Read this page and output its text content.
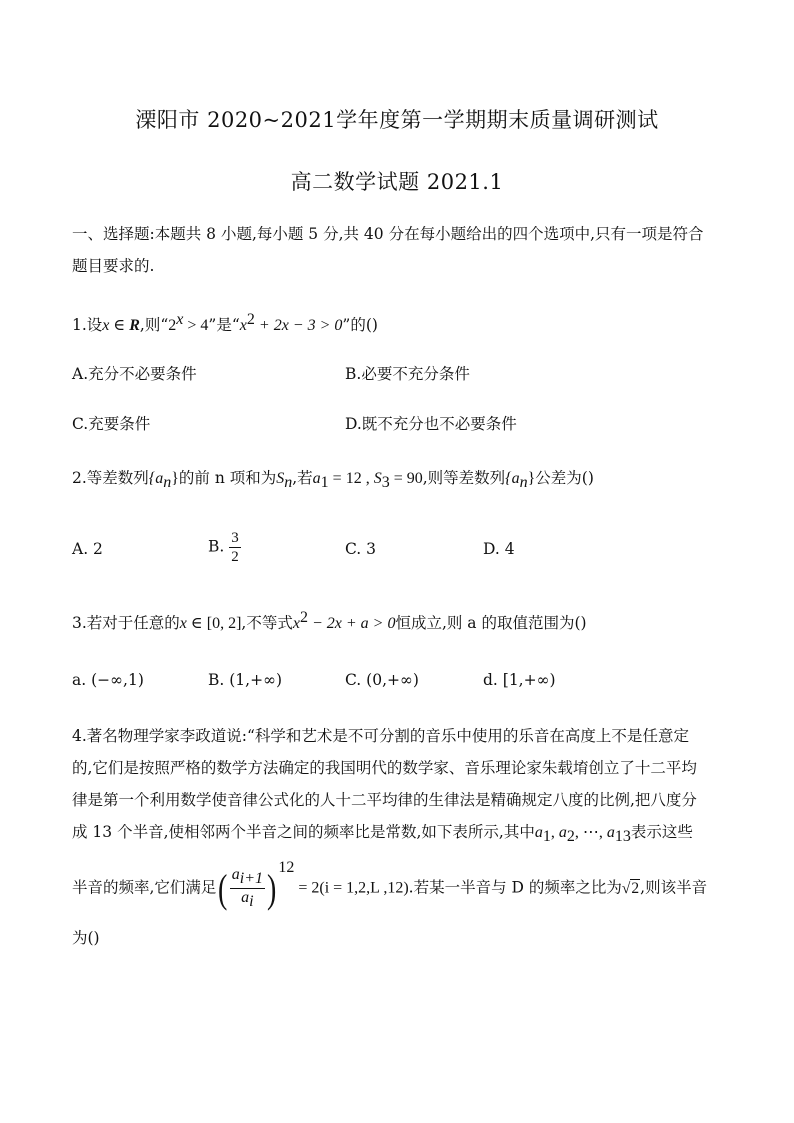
溧阳市 2020~2021学年度第一学期期末质量调研测试
高二数学试题 2021.1
一、选择题:本题共 8 小题,每小题 5 分,共 40 分在每小题给出的四个选项中,只有一项是符合
题目要求的.
1.设x ∈ R,则“$2^x > 4$”是“$x^2 + 2x - 3 > 0$”的()
A.充分不必要条件	B.必要不充分条件
C.充要条件	D.既不充分也不必要条件
2.等差数列$\{a_n\}$的前 n 项和为$S_n$,若$a_1 = 12$ , $S_3 = 90$,则等差数列$\{a_n\}$公差为()
A. 2	B. $\frac{3}{2}$	C. 3	D. 4
3.若对于任意的x ∈ [0, 2],不等式$x^2 - 2x + a > 0$恒成立,则 a 的取值范围为()
a. (−∞,1)	B. (1,+∞)	C. (0,+∞)	d. [1,+∞)
4.著名物理学家李政道说:“科学和艺术是不可分割的音乐中使用的乐音在高度上不是任意定
的,它们是按照严格的数学方法确定的我国明代的数学家、音乐理论家朱载堉创立了十二平均
律是第一个利用数学使音律公式化的人十二平均律的生律法是精确规定八度的比例,把八度分
成 13 个半音,使相邻两个半音之间的频率比是常数,如下表所示,其中$a_1$, $a_2$, ⋯, $a_{13}$表示这些
半音的频率,它们满足( $\frac{a_{i+1}}{a_i}$ ) $^{12}$ = 2(i = 1,2,L ,12).若某一半音与 D 的频率之比为√2,则该半音
为()
